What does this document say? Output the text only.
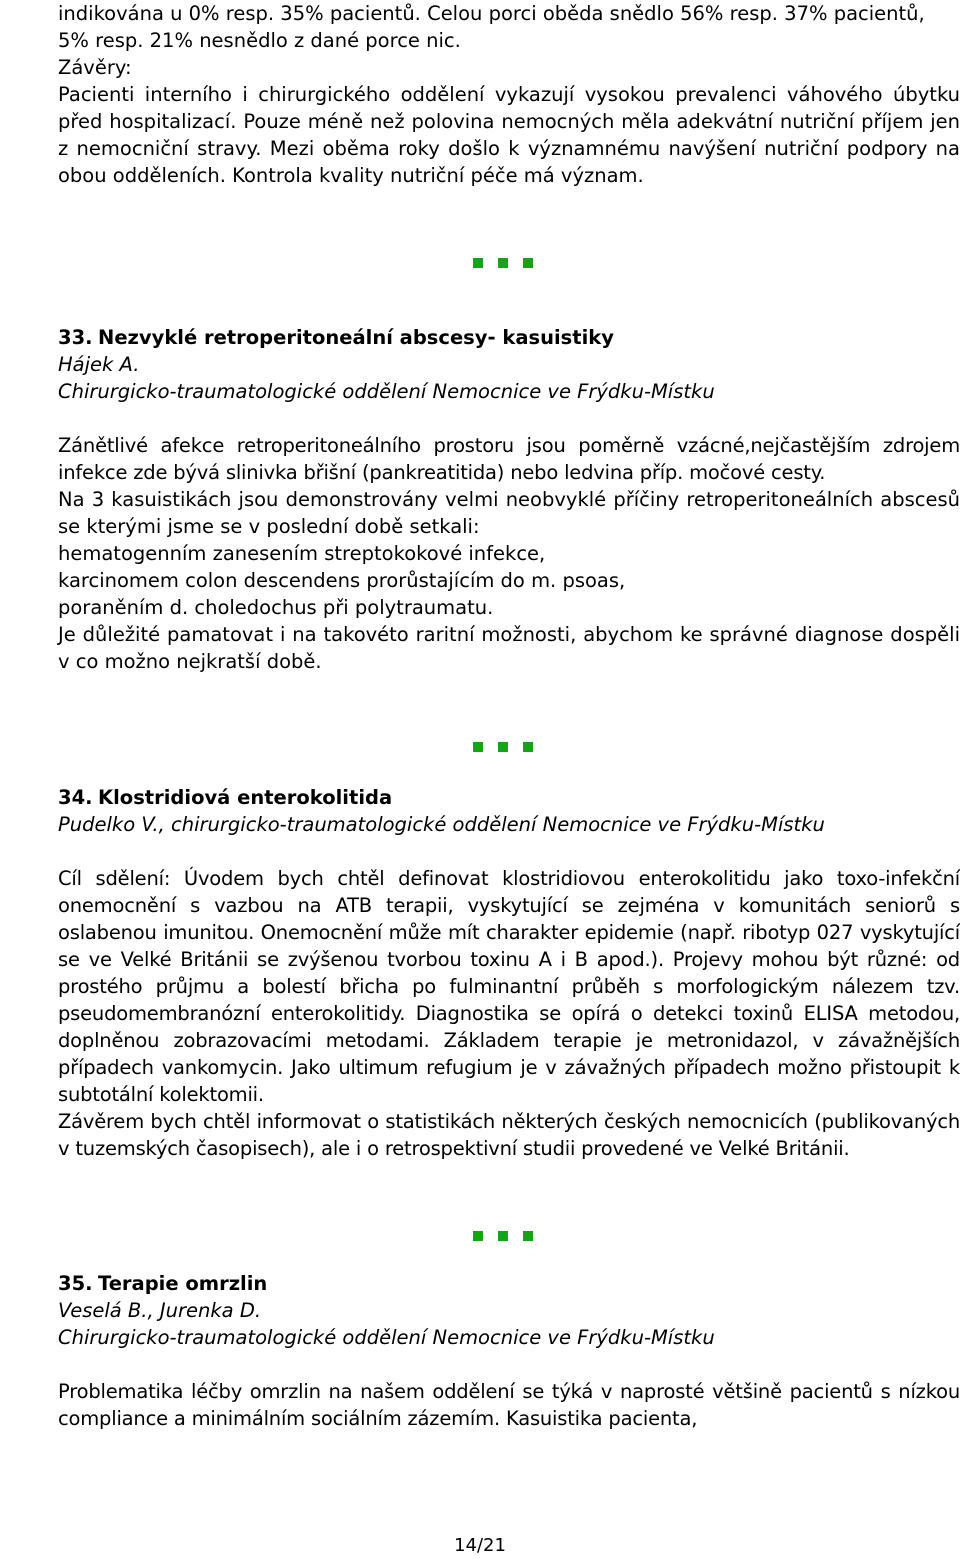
indikována u 0% resp. 35% pacientů. Celou porci oběda snědlo 56% resp. 37% pacientů,

5% resp. 21% nesnědlo z dané porce nic.

Závěry:

Pacienti interního i chirurgického oddělení vykazují vysokou prevalenci váhového úbytku před hospitalizací. Pouze méně než polovina nemocných měla adekvátní nutriční příjem jen z nemocniční stravy. Mezi oběma roky došlo k významnému navýšení nutriční podpory na obou odděleních. Kontrola kvality nutriční péče má význam.

33. Nezvyklé retroperitoneální abscesy- kasuistiky

Hájek A.

Chirurgicko-traumatologické oddělení Nemocnice ve Frýdku-Místku

Zánětlivé afekce retroperitoneálního prostoru jsou poměrně vzácné,nejčastějším zdrojem infekce zde bývá slinivka břišní (pankreatitida) nebo ledvina příp. močové cesty.

Na 3 kasuistikách jsou demonstrovány velmi neobvyklé příčiny retroperitoneálních abscesů se kterými jsme se v poslední době setkali:

hematogenním zanesením streptokokové infekce,

karcinomem colon descendens prorůstajícím do m. psoas,

poraněním d. choledochus při polytraumatu.

Je důležité pamatovat i na takovéto raritní možnosti, abychom ke správné diagnose dospěli v co možno nejkratší době.

34. Klostridiová enterokolitida

Pudelko V., chirurgicko-traumatologické oddělení Nemocnice ve Frýdku-Místku

Cíl sdělení: Úvodem bych chtěl definovat klostridiovou enterokolitidu jako toxo-infekční onemocnění s vazbou na ATB terapii, vyskytující se zejména v komunitách seniorů s oslabenou imunitou. Onemocnění může mít charakter epidemie (např. ribotyp 027 vyskytující se ve Velké Británii se zvýšenou tvorbou toxinu A i B apod.). Projevy mohou být různé: od prostého průjmu a bolestí břicha po fulminantní průběh s morfologickým nálezem tzv. pseudomembranózní enterokolitidy. Diagnostika se opírá o detekci toxinů ELISA metodou, doplněnou zobrazovacími metodami. Základem terapie je metronidazol, v závažnějších případech vankomycin. Jako ultimum refugium je v závažných případech možno přistoupit k subtotální kolektomii.

Závěrem bych chtěl informovat o statistikách některých českých nemocnicích (publikovaných v tuzemských časopisech), ale i o retrospektivní studii provedené ve Velké Británii.

35. Terapie omrzlin

Veselá B., Jurenka D.

Chirurgicko-traumatologické oddělení Nemocnice ve Frýdku-Místku

Problematika léčby omrzlin na našem oddělení se týká v naprosté většině pacientů s nízkou compliance a minimálním sociálním zázemím. Kasuistika pacienta,

14/21
